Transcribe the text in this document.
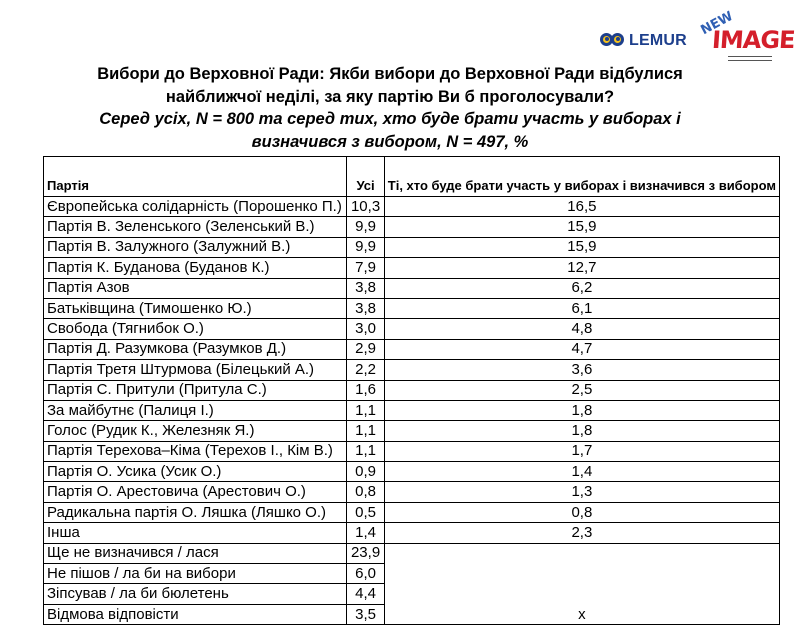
LEMUR
NEW
IMAGE
Вибори до Верховної Ради: Якби вибори до Верховної Ради відбулися
найближчої неділі, за яку партію Ви б проголосували?
Серед усіх, N = 800 та серед тих, хто буде брати участь у виборах і
визначився з вибором, N = 497, %
Партія	Усі	Ті, хто буде брати участь у виборах і визначився з вибором
Європейська солідарність (Порошенко П.)	10,3	16,5
Партія В. Зеленського (Зеленський В.)	9,9	15,9
Партія В. Залужного (Залужний В.)	9,9	15,9
Партія К. Буданова (Буданов К.)	7,9	12,7
Партія Азов	3,8	6,2
Батьківщина (Тимошенко Ю.)	3,8	6,1
Свобода (Тягнибок О.)	3,0	4,8
Партія Д. Разумкова (Разумков Д.)	2,9	4,7
Партія Третя Штурмова (Білецький А.)	2,2	3,6
Партія С. Притули (Притула С.)	1,6	2,5
За майбутнє (Палиця І.)	1,1	1,8
Голос (Рудик К., Железняк Я.)	1,1	1,8
Партія Терехова–Кіма (Терехов І., Кім В.)	1,1	1,7
Партія О. Усика (Усик О.)	0,9	1,4
Партія О. Арестовича (Арестович О.)	0,8	1,3
Радикальна партія О. Ляшка (Ляшко О.)	0,5	0,8
Інша	1,4	2,3
Ще не визначився / лася	23,9	x
Не пішов / ла би на вибори	6,0	
Зіпсував / ла би бюлетень	4,4	
Відмова відповісти	3,5	
